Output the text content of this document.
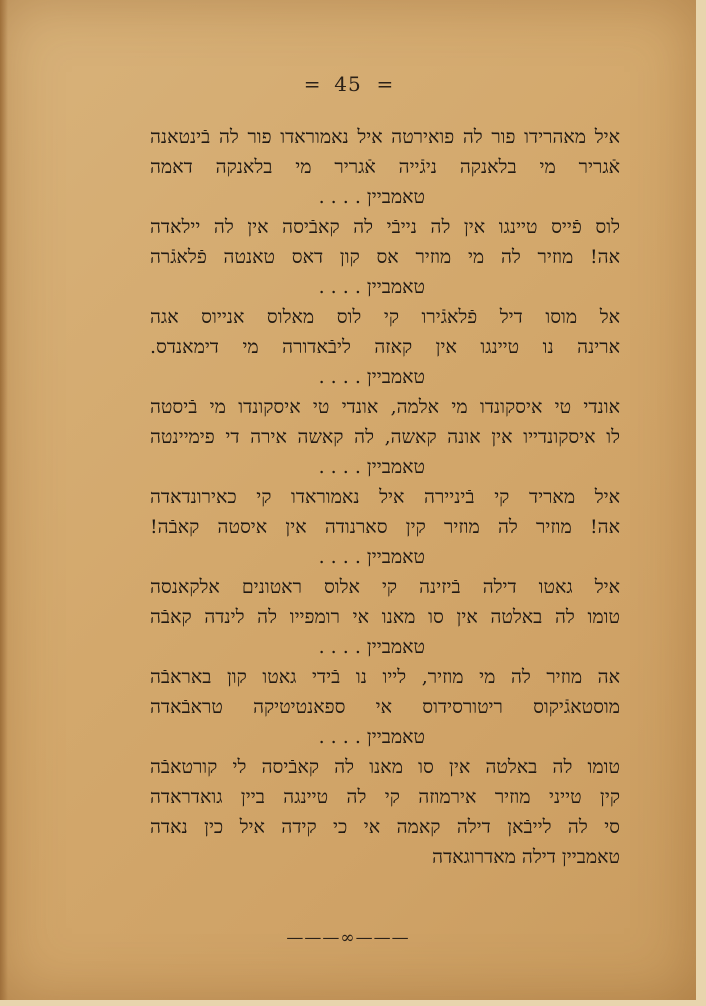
= 45 =
איל מאהרידו פור לה פואירטה איל נאמוראדו פור לה בֿינטאנה
אֿגריר מי בלאנקה ניגֿייה אֿגריר מי בלאנקה דאמה
טאמביין . . . .
לוס פֿייס טיינגו אין לה נייבֿי לה קאבֿיסה אין לה יילאדה
אה! מוזיר לה מי מוזיר אס קון דאס טאנטה פֿלאגֿרה
טאמביין . . . .
אל מוסו דיל פֿלאגֿירו קי לוס מאלוס אנייוס אגה
ארינה נו טיינגו אין קאזה ליבֿאדורה מי דימאנדס.
טאמביין . . . .
אונדי טי איסקונדו מי אלמה, אונדי טי איסקונדו מי בֿיסטה
לו איסקונדייו אין אונה קאשה, לה קאשה אירה די פימיינטה
טאמביין . . . .
איל מאריד קי בֿיניירה איל נאמוראדו קי כאירונדאדה
אה! מוזיר לה מוזיר קין סארנודה אין איסטה קאבֿה!
טאמביין . . . .
איל גאטו דילה בֿיזינה קי אלוס ראטונים אלקאנסה
טומו לה באלטה אין סו מאנו אי רומפייו לה לינדה קאבֿה
טאמביין . . . .
אה מוזיר לה מי מוזיר, לייו נו בֿידי גאטו קון באראבֿה
מוסטאגֿיקוס ריטורסידוס אי ספאנטיטיקה טראבֿאדה
טאמביין . . . .
טומו לה באלטה אין סו מאנו לה קאבֿיסה לי קורטאבֿה
קין טייני מוזיר אירמוזה קי לה טיינגה ביין גואדראדה
סי לה לייבֿאן דילה קאמה אי כי קידה איל כין נאדה
טאמביין דילה מאדרוגאדה
———∞———
